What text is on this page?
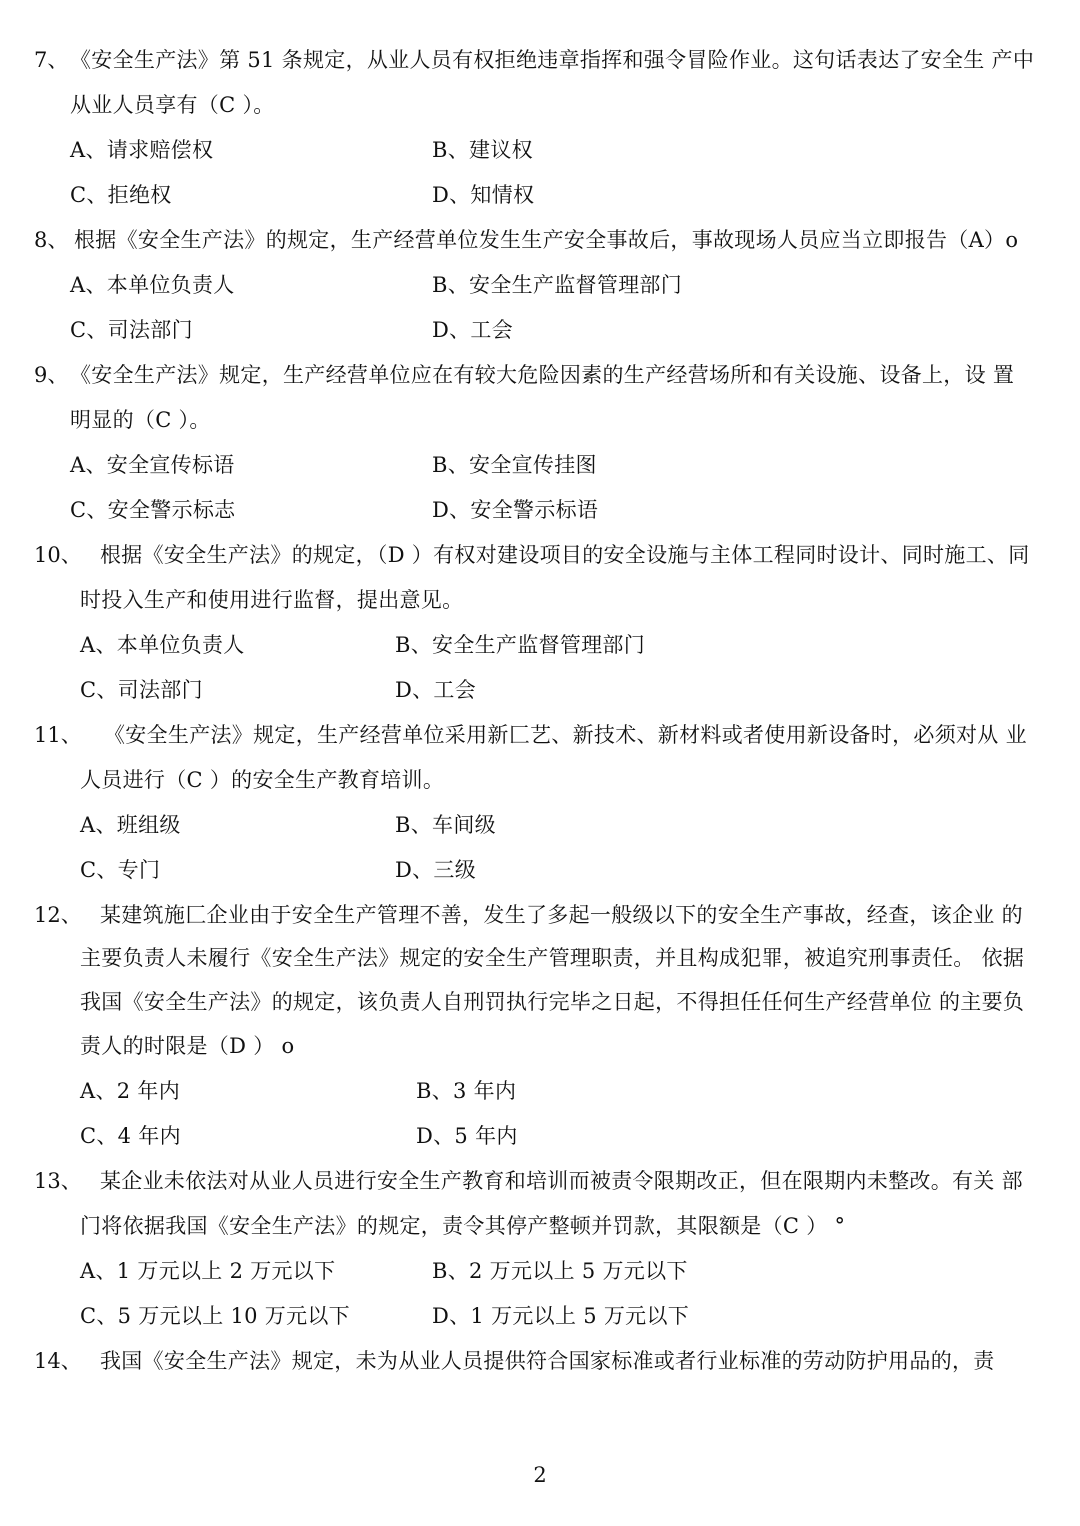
7、 《安全生产法》第 51 条规定，从业人员有权拒绝违章指挥和强令冒险作业。这句话表达了安全生 产中
从业人员享有（C ）。
A、请求赔偿权	B、建议权
C、拒绝权	D、知情权
8、 根据《安全生产法》的规定，生产经营单位发生生产安全事故后，事故现场人员应当立即报告（A）o
A、本单位负责人	B、安全生产监督管理部门
C、司法部门	D、工会
9、 《安全生产法》规定，生产经营单位应在有较大危险因素的生产经营场所和有关设施、设备上，设 置
明显的（C ）。
A、安全宣传标语	B、安全宣传挂图
C、安全警示标志	D、安全警示标语
10、 根据《安全生产法》的规定，（D ）有权对建设项目的安全设施与主体工程同时设计、同时施工、同
时投入生产和使用进行监督，提出意见。
A、本单位负责人	B、安全生产监督管理部门
C、司法部门	D、工会
11、 《安全生产法》规定，生产经营单位采用新匚艺、新技术、新材料或者使用新设备时，必须对从 业
人员进行（C ）的安全生产教育培训。
A、班组级	B、车间级
C、专门	D、三级
12、 某建筑施匚企业由于安全生产管理不善，发生了多起一般级以下的安全生产事故，经查，该企业 的
主要负责人未履行《安全生产法》规定的安全生产管理职责，并且构成犯罪，被追究刑事责任。 依据
我国《安全生产法》的规定，该负责人自刑罚执行完毕之日起，不得担任任何生产经营单位 的主要负
责人的时限是（D ） o
A、2 年内	B、3 年内
C、4 年内	D、5 年内
13、 某企业未依法对从业人员进行安全生产教育和培训而被责令限期改正，但在限期内未整改。有关 部
门将依据我国《安全生产法》的规定，责令其停产整顿并罚款，其限额是（C ） °
A、1 万元以上 2 万元以下	B、2 万元以上 5 万元以下
C、5 万元以上 10 万元以下	D、1 万元以上 5 万元以下
14、 我国《安全生产法》规定，未为从业人员提供符合国家标准或者行业标准的劳动防护用品的，责
2
